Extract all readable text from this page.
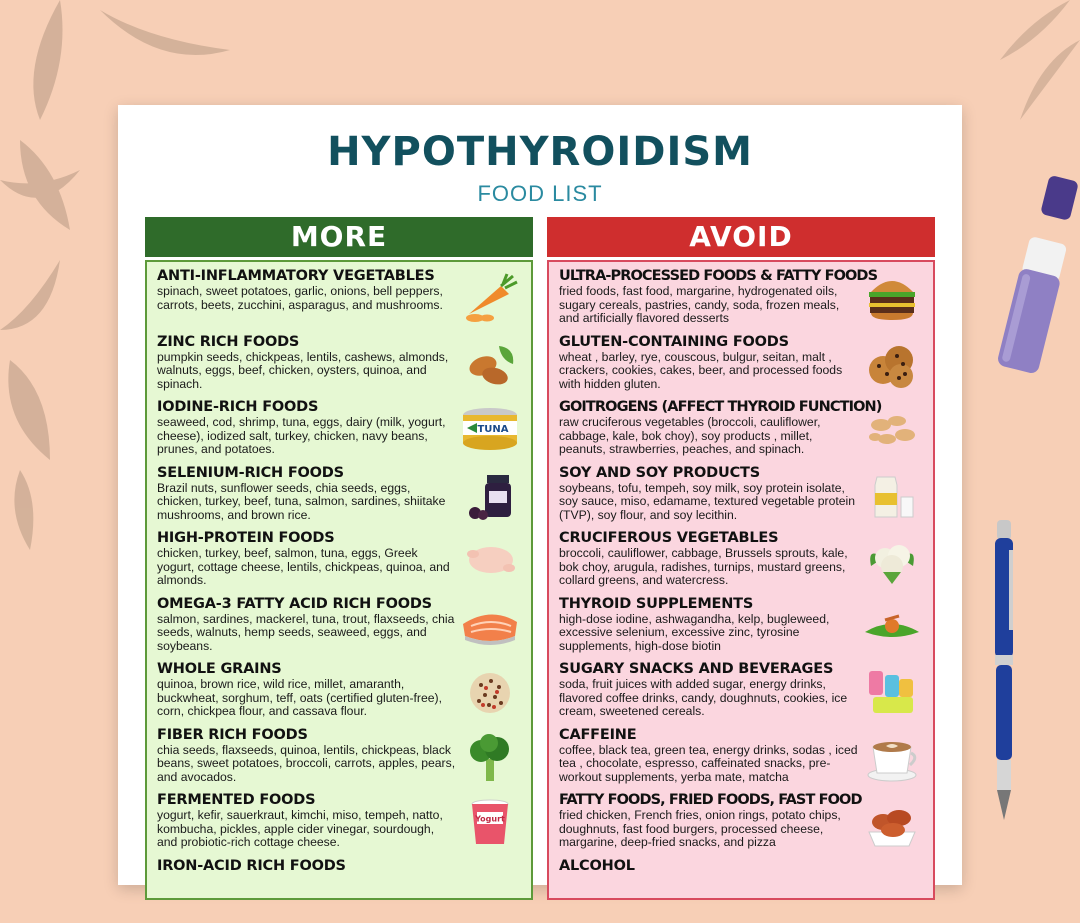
HYPOTHYROIDISM
FOOD LIST
MORE
ANTI-INFLAMMATORY VEGETABLES
spinach, sweet potatoes, garlic, onions, bell peppers, carrots, beets, zucchini, asparagus, and mushrooms.
ZINC RICH FOODS
pumpkin seeds, chickpeas, lentils, cashews, almonds, walnuts, eggs, beef, chicken, oysters, quinoa, and spinach.
IODINE-RICH FOODS
seaweed, cod, shrimp, tuna, eggs, dairy (milk, yogurt, cheese), iodized salt, turkey, chicken, navy beans, prunes, and potatoes.
TUNA
SELENIUM-RICH FOODS
Brazil nuts, sunflower seeds, chia seeds, eggs, chicken, turkey, beef, tuna, salmon, sardines, shiitake mushrooms, and brown rice.
HIGH-PROTEIN FOODS
chicken, turkey, beef, salmon, tuna, eggs, Greek yogurt, cottage cheese, lentils, chickpeas, quinoa, and almonds.
OMEGA-3 FATTY ACID RICH FOODS
salmon, sardines, mackerel, tuna, trout, flaxseeds, chia seeds, walnuts, hemp seeds, seaweed, eggs, and soybeans.
WHOLE GRAINS
quinoa, brown rice, wild rice, millet, amaranth, buckwheat, sorghum, teff, oats (certified gluten-free), corn, chickpea flour, and cassava flour.
FIBER RICH FOODS
chia seeds, flaxseeds, quinoa, lentils, chickpeas, black beans, sweet potatoes, broccoli, carrots, apples, pears, and avocados.
FERMENTED FOODS
yogurt, kefir, sauerkraut, kimchi, miso, tempeh, natto, kombucha, pickles, apple cider vinegar, sourdough, and probiotic-rich cottage cheese.
Yogurt
IRON-ACID RICH FOODS
AVOID
ULTRA-PROCESSED FOODS & FATTY FOODS
fried foods, fast food, margarine, hydrogenated oils, sugary cereals, pastries, candy, soda, frozen meals, and artificially flavored desserts
GLUTEN-CONTAINING FOODS
wheat , barley, rye, couscous, bulgur, seitan, malt , crackers, cookies, cakes, beer, and processed foods with hidden gluten.
GOITROGENS (AFFECT THYROID FUNCTION)
raw cruciferous vegetables (broccoli, cauliflower, cabbage, kale, bok choy), soy products , millet, peanuts, strawberries, peaches, and spinach.
SOY AND SOY PRODUCTS
soybeans, tofu, tempeh, soy milk, soy protein isolate, soy sauce, miso, edamame, textured vegetable protein (TVP), soy flour, and soy lecithin.
CRUCIFEROUS VEGETABLES
broccoli, cauliflower, cabbage, Brussels sprouts, kale, bok choy, arugula, radishes, turnips, mustard greens, collard greens, and watercress.
THYROID SUPPLEMENTS
high-dose iodine, ashwagandha, kelp, bugleweed, excessive selenium, excessive zinc, tyrosine supplements, high-dose biotin
SUGARY SNACKS AND BEVERAGES
soda, fruit juices with added sugar, energy drinks, flavored coffee drinks, candy, doughnuts, cookies, ice cream, sweetened cereals.
CAFFEINE
coffee, black tea, green tea, energy drinks, sodas , iced tea , chocolate, espresso, caffeinated snacks, pre-workout supplements, yerba mate, matcha
FATTY FOODS, FRIED FOODS, FAST FOOD
fried chicken, French fries, onion rings, potato chips, doughnuts, fast food burgers, processed cheese, margarine, deep-fried snacks, and pizza
ALCOHOL
